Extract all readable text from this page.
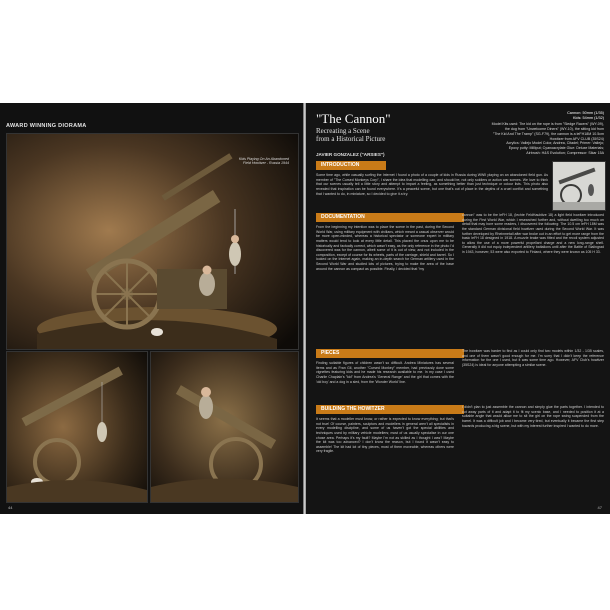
AWARD WINNING DIORAMA
Kids Playing On An Abandoned
Field Howitzer - Russia 1944
44
"The Cannon"
Recreating a Scene
from a Historical Picture
JAVIER GONZALEZ ("ARSIES")
Cannon: 50mm (1/35)
Kids: 54mm (1/32)
Model Kits used: The kid on the rope is from "Sledge Racers" (WY-09),
the dog from "Unwelcome Diners" (WY-10), the sitting kid from
"The Kid And The Tramp" (SG-F79), the cannon is a leFH18M 10.5cm
Howitzer from AFV CLUB (35S24)
Acrylics: Vallejo Model Color, Andrea, Citadel; Primer: Vallejo;
Epoxy putty: Milliput; Cyanoacrylate Glue: Deluxe Materials;
Airbrush: H&S Evolution; Compressor: Sikar 15A
INTRODUCTION
Some time ago, while casually surfing the Internet I found a photo of a couple of kids in Russia during WWII playing on an abandoned field gun. As member of "The Cursed Monkeys Corp", I share the idea that modelling can, and should be, not only soldiers or action war scenes. We love to think that our scenes usually tell a little story and attempt to impart a feeling, as something better than just technique or colour lists. This photo also revealed that inspiration can be found everywhere. It's a peaceful scene, but one that's out of place in the depths of a cruel conflict and something that I wanted to do, in miniature, so I decided to give it a try.
DOCUMENTATION
From the beginning my intention was to place the scene in the past, during the Second World War, using military equipment with civilians, which meant a casual observer would be more open-minded, whereas a historical spectator or someone expert in military matters would tend to look at every little detail. This placed the onus upon me to be historically and factually correct, which wasn't easy, as the only reference in the photo I'd discovered was for the cannon, albeit some of it is out of view, and not included in the composition, except of course for its wheels, parts of the carriage, shield and barrel. So I looked on the Internet again, making an in-depth search for German artillery used in the Second World War and studied lots of pictures, trying to make the area of the base around the cannon as compact as possible. Finally, I decided that "my
cannon" was to be the leFH 18, (lechte FeldHaubitze 18) a light field howitzer introduced during the First World War, which I researched further and, without dwelling too much on detail that may bore some readers, I discovered the following: The 10.5 cm leFH 18M was the standard German divisional field howitzer used during the Second World War. It was further developed by Rheinmetall after war broke out in an effort to get more range from the basic leFH 18 designed in 1918. A muzzle brake was fitted and the recoil system adjusted to allow the use of a more powerful propellant charge and a new long-range shell. Generally it did not equip independent artillery battalions until after the Battle of Stalingrad in 1943, however, 53 were also exported to Finland, where they were known as 105 H 33.
PIECES
Finding suitable figures of children wasn't so difficult. Andrea Miniatures has several items and as Fran Gil, another "Cursed Monkey" member, had previously done some vignettes featuring kids and he made his research available to me. In my case I used Charlie Chaplain's "kid" from Andrea's 'General Range' and the girl that comes with the 'old boy' and a dog in a sled, from the 'Wonder World' line.
The howitzer was harder to find as I could only find two models within 1/32 - 1/35 scales, and one of them wasn't good enough for me. I'm sorry that I didn't keep the reference information for the one I used, but it was some time ago. However, AFV Club's howitzer (35S24) is ideal for anyone attempting a similar scene.
BUILDING THE HOWITZER
It seems that a modeller must know, or rather is expected to know everything; but that's not true! Of course, painters, sculptors and modellers in general aren't all specialists in every modelling discipline, and some of us haven't got the special abilities and techniques used by military vehicle modellers; most of us usually specialise in our one chose area. Perhaps it's my fault? Maybe I'm not as skilled as I thought I was? Maybe the kit was too advanced? I don't know the reason, but I found it wasn't easy to assemble! The kit had lot of tiny pieces, most of them moveable, whereas others were very fragile.
I didn't plan to just assemble the cannon and simply glue the parts together. I intended to cut away parts of it and adapt it to fit my scenic base, and I needed to position it at a suitable angle that would allow me to sit the girl on the rope swing suspended from the barrel. It was a difficult job and I became very tired, but eventually it became the first step towards producing a big scene, but with my interest further inspired I wanted to do more.
47
